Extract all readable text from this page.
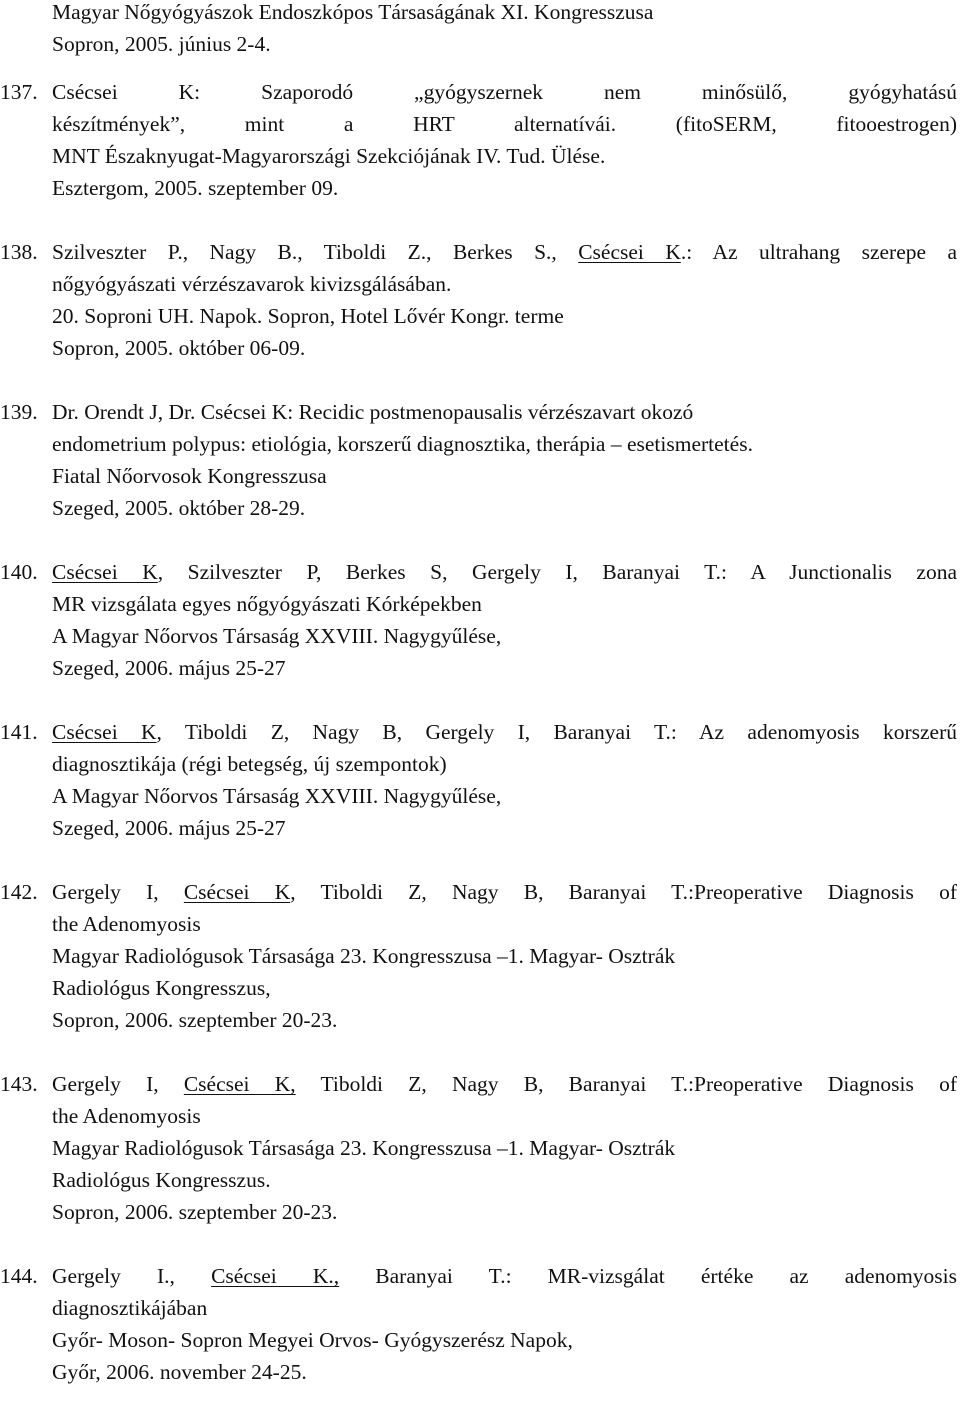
Magyar Nőgyógyászok Endoszkópos Társaságának XI. Kongresszusa
Sopron, 2005. június 2-4.
137. Csécsei K: Szaporodó „gyógyszernek nem minősülő, gyógyhatású
készítmények”, mint a HRT alternatívái. (fitoSERM, fitooestrogen)
MNT Északnyugat-Magyarországi Szekciójának IV. Tud. Ülése.
Esztergom, 2005. szeptember 09.
138. Szilveszter P., Nagy B., Tiboldi Z., Berkes S., Csécsei K.: Az ultrahang szerepe a
nőgyógyászati vérzészavarok kivizsgálásában.
20. Soproni UH. Napok. Sopron, Hotel Lővér Kongr. terme
Sopron, 2005. október 06-09.
139. Dr. Orendt J, Dr. Csécsei K: Recidic postmenopausalis vérzészavart okozó
endometrium polypus: etiológia, korszerű diagnosztika, therápia – esetismertetés.
Fiatal Nőorvosok Kongresszusa
Szeged, 2005. október 28-29.
140. Csécsei K, Szilveszter P, Berkes S, Gergely I, Baranyai T.: A Junctionalis zona
MR vizsgálata egyes nőgyógyászati Kórképekben
A Magyar Nőorvos Társaság XXVIII. Nagygyűlése,
Szeged, 2006. május 25-27
141. Csécsei K, Tiboldi Z, Nagy B, Gergely I, Baranyai T.: Az adenomyosis korszerű
diagnosztikája (régi betegség, új szempontok)
A Magyar Nőorvos Társaság XXVIII. Nagygyűlése,
Szeged, 2006. május 25-27
142. Gergely I, Csécsei K, Tiboldi Z, Nagy B, Baranyai T.:Preoperative Diagnosis of
the Adenomyosis
Magyar Radiológusok Társasága 23. Kongresszusa –1. Magyar- Osztrák
Radiológus Kongresszus,
Sopron, 2006. szeptember 20-23.
143. Gergely I, Csécsei K, Tiboldi Z, Nagy B, Baranyai T.:Preoperative Diagnosis of
the Adenomyosis
Magyar Radiológusok Társasága 23. Kongresszusa –1. Magyar- Osztrák
Radiológus Kongresszus.
Sopron, 2006. szeptember 20-23.
144. Gergely I., Csécsei K., Baranyai T.: MR-vizsgálat értéke az adenomyosis
diagnosztikájában
Győr- Moson- Sopron Megyei Orvos- Gyógyszerész Napok,
Győr, 2006. november 24-25.
